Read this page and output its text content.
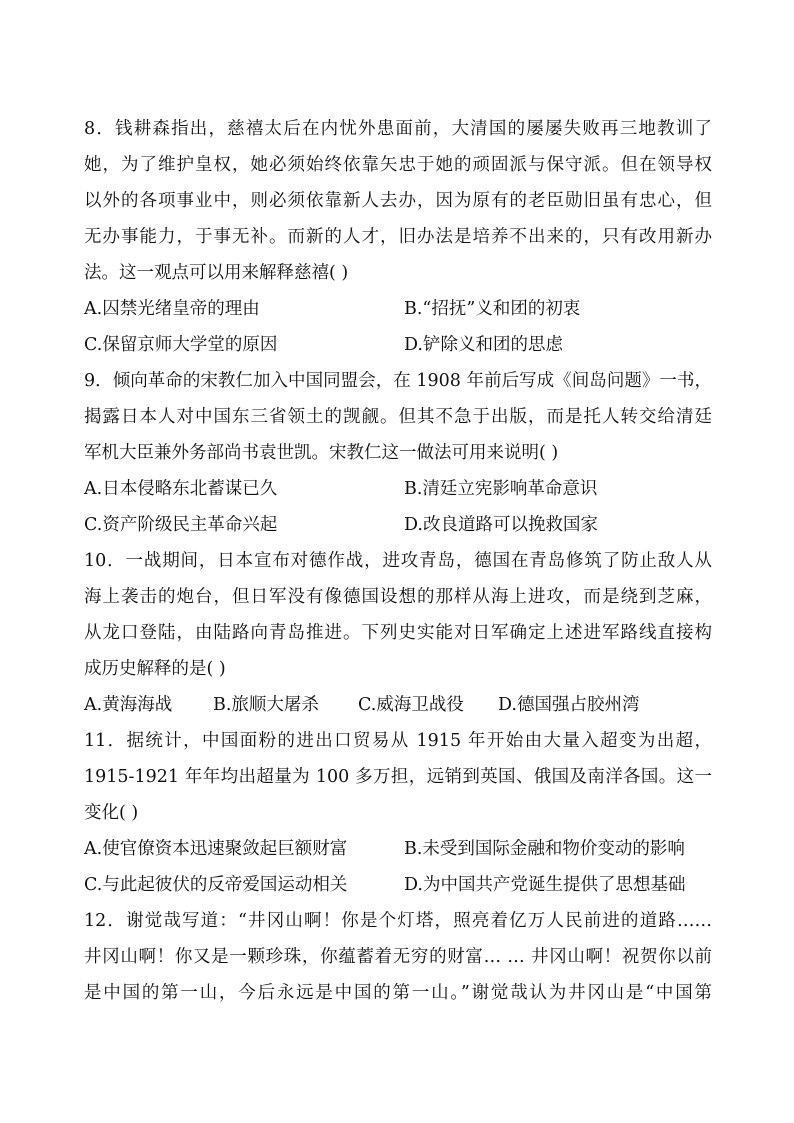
8．钱耕森指出，慈禧太后在内忧外患面前，大清国的屡屡失败再三地教训了
她，为了维护皇权，她必须始终依靠矢忠于她的顽固派与保守派。但在领导权
以外的各项事业中，则必须依靠新人去办，因为原有的老臣勋旧虽有忠心，但
无办事能力，于事无补。而新的人才，旧办法是培养不出来的，只有改用新办
法。这一观点可以用来解释慈禧( )
A.囚禁光绪皇帝的理由	B.“招抚”义和团的初衷
C.保留京师大学堂的原因	D.铲除义和团的思虑
9．倾向革命的宋教仁加入中国同盟会，在 1908 年前后写成《间岛问题》一书，
揭露日本人对中国东三省领土的觊觎。但其不急于出版，而是托人转交给清廷
军机大臣兼外务部尚书袁世凯。宋教仁这一做法可用来说明( )
A.日本侵略东北蓄谋已久	B.清廷立宪影响革命意识
C.资产阶级民主革命兴起	D.改良道路可以挽救国家
10．一战期间，日本宣布对德作战，进攻青岛，德国在青岛修筑了防止敌人从
海上袭击的炮台，但日军没有像德国设想的那样从海上进攻，而是绕到芝麻，
从龙口登陆，由陆路向青岛推进。下列史实能对日军确定上述进军路线直接构
成历史解释的是( )
A.黄海海战 B.旅顺大屠杀 C.威海卫战役 D.德国强占胶州湾
11．据统计，中国面粉的进出口贸易从 1915 年开始由大量入超变为出超，
1915-1921 年年均出超量为 100 多万担，远销到英国、俄国及南洋各国。这一
变化( )
A.使官僚资本迅速聚敛起巨额财富	B.未受到国际金融和物价变动的影响
C.与此起彼伏的反帝爱国运动相关	D.为中国共产党诞生提供了思想基础
12．谢觉哉写道：“井冈山啊！你是个灯塔，照亮着亿万人民前进的道路……
井冈山啊！你又是一颗珍珠，你蕴蓄着无穷的财富… … 井冈山啊！祝贺你以前
是中国的第一山，今后永远是中国的第一山。”谢觉哉认为井冈山是“中国第
